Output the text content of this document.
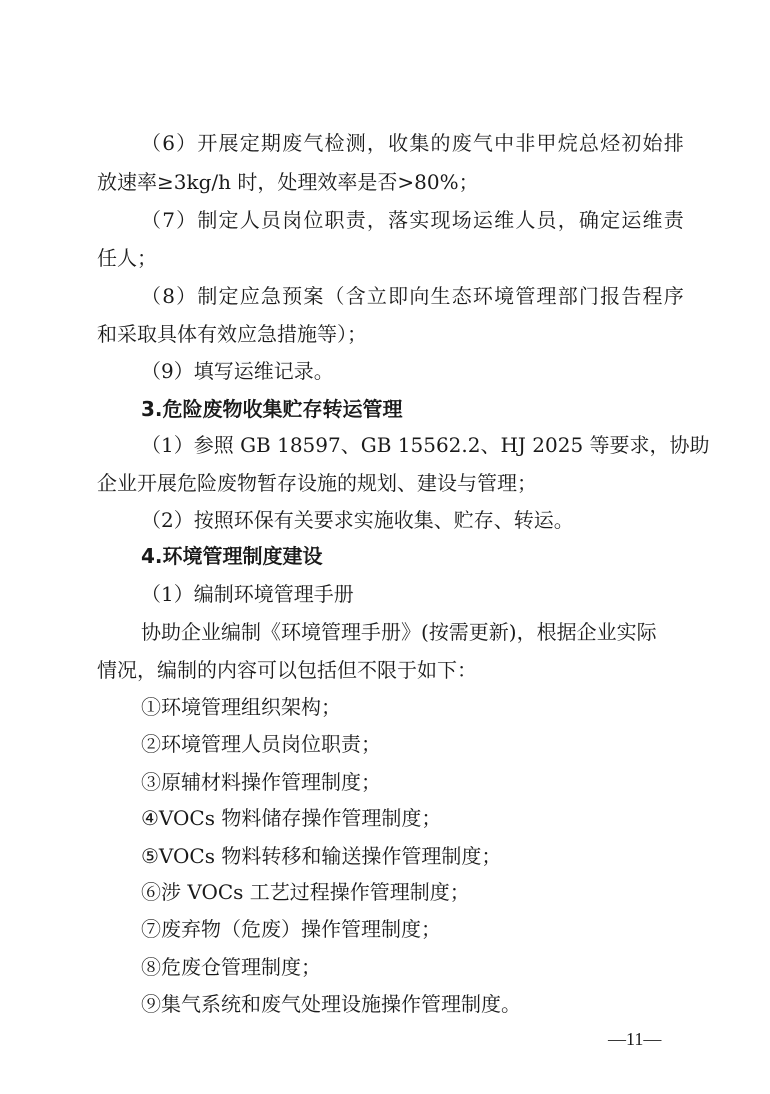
（6）开展定期废气检测，收集的废气中非甲烷总烃初始排
放速率≥3kg/h 时，处理效率是否>80%；
（7）制定人员岗位职责，落实现场运维人员，确定运维责
任人；
（8）制定应急预案（含立即向生态环境管理部门报告程序
和采取具体有效应急措施等）；
（9）填写运维记录。
3.危险废物收集贮存转运管理
（1）参照 GB 18597、GB 15562.2、HJ 2025 等要求，协助
企业开展危险废物暂存设施的规划、建设与管理；
（2）按照环保有关要求实施收集、贮存、转运。
4.环境管理制度建设
（1）编制环境管理手册
协助企业编制《环境管理手册》(按需更新)，根据企业实际
情况，编制的内容可以包括但不限于如下：
①环境管理组织架构；
②环境管理人员岗位职责；
③原辅材料操作管理制度；
④VOCs 物料储存操作管理制度；
⑤VOCs 物料转移和输送操作管理制度；
⑥涉 VOCs 工艺过程操作管理制度；
⑦废弃物（危废）操作管理制度；
⑧危废仓管理制度；
⑨集气系统和废气处理设施操作管理制度。
—11—
